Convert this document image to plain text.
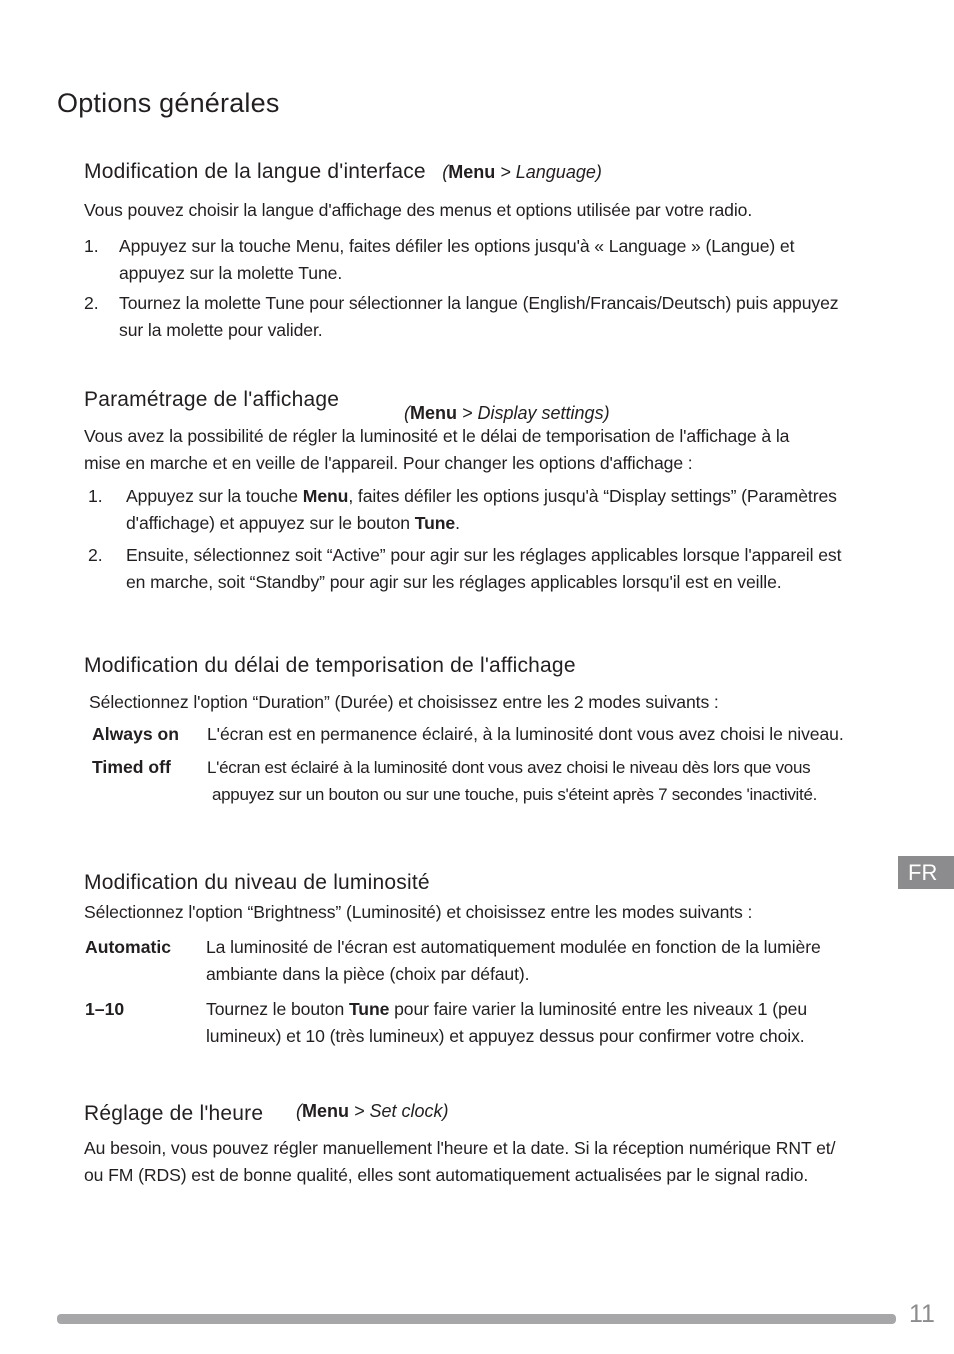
Options générales
Modification de la langue d'interface (Menu > Language)
Vous pouvez choisir la langue d'affichage des menus et options utilisée par votre radio.
1. Appuyez sur la touche Menu, faites défiler les options jusqu'à « Language » (Langue) et
appuyez sur la molette Tune.
2. Tournez la molette Tune pour sélectionner la langue (English/Francais/Deutsch) puis appuyez
sur la molette pour valider.
Paramétrage de l'affichage
(Menu > Display settings)
Vous avez la possibilité de régler la luminosité et le délai de temporisation de l'affichage à la
mise en marche et en veille de l'appareil. Pour changer les options d'affichage :
1. Appuyez sur la touche Menu, faites défiler les options jusqu'à “Display settings” (Paramètres
d'affichage) et appuyez sur le bouton Tune.
2. Ensuite, sélectionnez soit “Active” pour agir sur les réglages applicables lorsque l'appareil est
en marche, soit “Standby” pour agir sur les réglages applicables lorsqu'il est en veille.
Modification du délai de temporisation de l'affichage
Sélectionnez l'option “Duration” (Durée) et choisissez entre les 2 modes suivants :
Always on L'écran est en permanence éclairé, à la luminosité dont vous avez choisi le niveau.
Timed off L'écran est éclairé à la luminosité dont vous avez choisi le niveau dès lors que vous
appuyez sur un bouton ou sur une touche, puis s'éteint après 7 secondes 'inactivité.
FR
Modification du niveau de luminosité
Sélectionnez l'option “Brightness” (Luminosité) et choisissez entre les modes suivants :
Automatic La luminosité de l'écran est automatiquement modulée en fonction de la lumière
ambiante dans la pièce (choix par défaut).
1–10	Tournez le bouton Tune pour faire varier la luminosité entre les niveaux 1 (peu
lumineux) et 10 (très lumineux) et appuyez dessus pour confirmer votre choix.
Réglage de l'heure (Menu > Set clock)
Au besoin, vous pouvez régler manuellement l'heure et la date. Si la réception numérique RNT et/
ou FM (RDS) est de bonne qualité, elles sont automatiquement actualisées par le signal radio.
11
